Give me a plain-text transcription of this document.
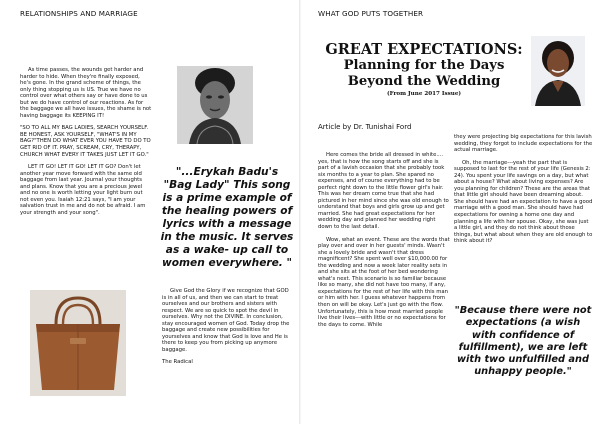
RELATIONSHIPS AND MARRIAGE

As time passes, the wounds get harder and harder to hide. When they're finally exposed, he's gone. In the grand scheme of things, the only thing stopping us is US. True we have no control over what others say or have done to us but we do have control of our reactions. As for the baggage we all have issues, the shame is not having baggage its KEEPING IT!

"SO TO ALL MY BAG LADIES, SEARCH YOURSELF. BE HONEST, ASK YOURSELF, "WHAT'S IN MY BAG?"THEN DO WHAT EVER YOU HAVE TO DO TO GET RID OF IT. PRAY, SCREAM, CRY, THERAPY, CHURCH WHAT EVERY IT TAKES JUST LET IT GO."

LET IT GO! LET IT GO! LET IT GO? Don't let another year move forward with the same old baggage from last year. Journal your thoughts and plans. Know that you are a precious jewel and no one is worth letting your light burn out not even you. Isaiah 12:21 says, "I am your salvation trust in me and do not be afraid. I am your strength and your song".

"...Erykah Badu's "Bag Lady" This song is a prime example of the healing powers of lyrics with a message in the music. It serves as a wake- up call to women everywhere. "

Give God the Glory if we recognize that GOD is in all of us, and then we can start to treat ourselves and our brothers and sisters with respect. We are so quick to spot the devil in ourselves. Why not the DIVINE. In conclusion, stay encouraged women of God. Today drop the baggage and create new possibilities for yourselves and know that God is love and He is there to keep you from picking up anymore baggage.

The Radical

WHAT GOD PUTS TOGETHER
GREAT EXPECTATIONS:
Planning for the Days
Beyond the Wedding
(From June 2017 Issue)
Article by Dr. Tunishai Ford

Here comes the bride all dressed in white.... yes, that is how the song starts off and she is part of a lavish occasion that she probably took six months to a year to plan. She spared no expenses, and of course everything had to be perfect right down to the little flower girl's hair. This was her dream come true that she had pictured in her mind since she was old enough to understand that boys and girls grow up and get married. She had great expectations for her wedding day and planned her wedding right down to the last detail.

Wow, what an event. These are the words that play over and over in her guests' minds. Wasn't she a lovely bride and wasn't that dress magnificent? She spent well over $10,000.00 for the wedding and now a week later reality sets in and she sits at the foot of her bed wondering what's next. This scenario is so familiar because like so many, she did not have too many, if any, expectations for the rest of her life with this man or him with her. I guess whatever happens from then on will be okay. Let's just go with the flow. Unfortunately, this is how most married people live their lives---with little or no expectations for the days to come. While

they were projecting big expectations for this lavish wedding, they forgot to include expectations for the actual marriage.

Oh, the marriage---yeah the part that is supposed to last for the rest of your life (Genesis 2: 24). You spent your life savings on a day, but what about a house? What about living expenses? Are you planning for children? These are the areas that that little girl should have been dreaming about. She should have had an expectation to have a good marriage with a good man. She should have had expectations for owning a home one day and planning a life with her spouse. Okay, she was just a little girl, and they do not think about those things, but what about when they are old enough to think about it?

"Because there were not expectations (a wish with confidence of fulfillment), we are left with two unfulfilled and unhappy people."
